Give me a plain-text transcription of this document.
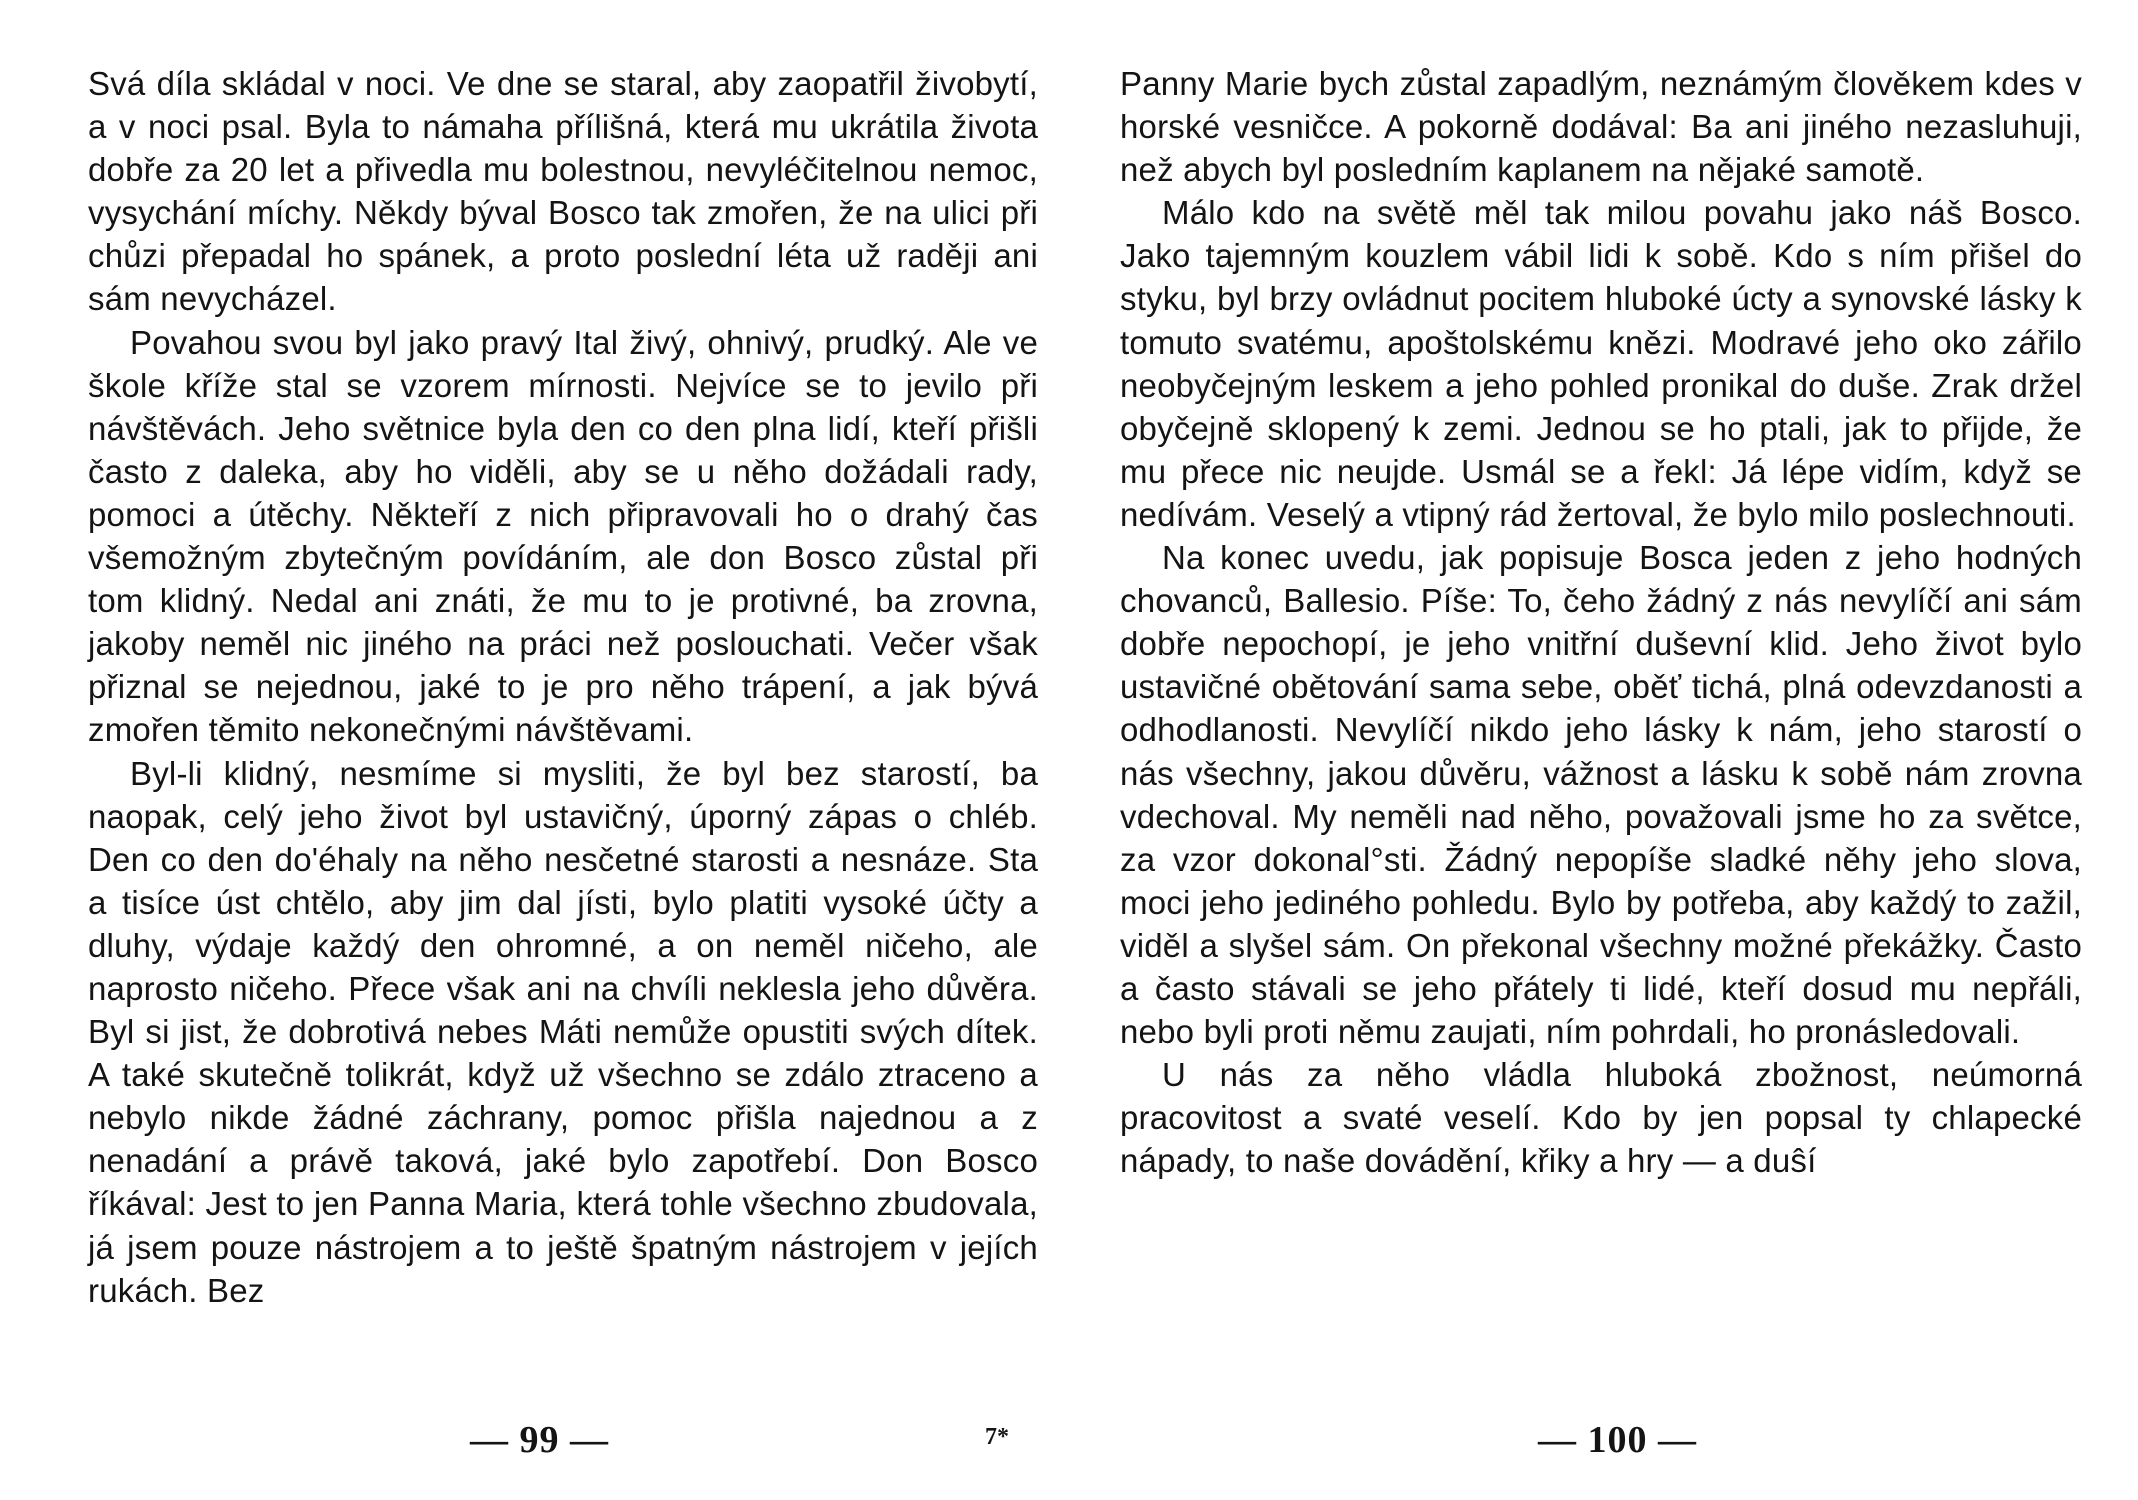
Svá díla skládal v noci. Ve dne se staral, aby zaopatřil živobytí, a v noci psal. Byla to námaha přílišná, která mu ukrátila života dobře za 20 let a přivedla mu bolestnou, nevyléčitelnou nemoc, vysychání míchy. Někdy býval Bosco tak zmořen, že na ulici při chůzi přepadal ho spánek, a proto poslední léta už raději ani sám nevycházel.

Povahou svou byl jako pravý Ital živý, ohnivý, prudký. Ale ve škole kříže stal se vzorem mírnosti. Nejvíce se to jevilo při návštěvách. Jeho světnice byla den co den plna lidí, kteří přišli často z daleka, aby ho viděli, aby se u něho dožádali rady, pomoci a útěchy. Někteří z nich připravovali ho o drahý čas všemožným zbytečným povídáním, ale don Bosco zůstal při tom klidný. Nedal ani znáti, že mu to je protivné, ba zrovna, jakoby neměl nic jiného na práci než poslouchati. Večer však přiznal se nejednou, jaké to je pro něho trápení, a jak bývá zmořen těmito nekonečnými návštěvami.

Byl-li klidný, nesmíme si mysliti, že byl bez starostí, ba naopak, celý jeho život byl ustavičný, úporný zápas o chléb. Den co den do'éhaly na něho nesčetné starosti a nesnáze. Sta a tisíce úst chtělo, aby jim dal jísti, bylo platiti vysoké účty a dluhy, výdaje každý den ohromné, a on neměl ničeho, ale naprosto ničeho. Přece však ani na chvíli neklesla jeho důvěra. Byl si jist, že dobrotivá nebes Máti nemůže opustiti svých dítek. A také skutečně tolikrát, když už všechno se zdálo ztraceno a nebylo nikde žádné záchrany, pomoc přišla najednou a z nenadání a právě taková, jaké bylo zapotřebí. Don Bosco říkával: Jest to jen Panna Maria, která tohle všechno zbudovala, já jsem pouze nástrojem a to ještě špatným nástrojem v jejích rukách. Bez

Panny Marie bych zůstal zapadlým, neznámým člověkem kdes v horské vesničce. A pokorně dodával: Ba ani jiného nezasluhuji, než abych byl posledním kaplanem na nějaké samotě.

Málo kdo na světě měl tak milou povahu jako náš Bosco. Jako tajemným kouzlem vábil lidi k sobě. Kdo s ním přišel do styku, byl brzy ovládnut pocitem hluboké úcty a synovské lásky k tomuto svatému, apoštolskému knězi. Modravé jeho oko zářilo neobyčejným leskem a jeho pohled pronikal do duše. Zrak držel obyčejně sklopený k zemi. Jednou se ho ptali, jak to přijde, že mu přece nic neujde. Usmál se a řekl: Já lépe vidím, když se nedívám. Veselý a vtipný rád žertoval, že bylo milo poslechnouti.

Na konec uvedu, jak popisuje Bosca jeden z jeho hodných chovanců, Ballesio. Píše: To, čeho žádný z nás nevylíčí ani sám dobře nepochopí, je jeho vnitřní duševní klid. Jeho život bylo ustavičné obětování sama sebe, oběť tichá, plná odevzdanosti a odhodlanosti. Nevylíčí nikdo jeho lásky k nám, jeho starostí o nás všechny, jakou důvěru, vážnost a lásku k sobě nám zrovna vdechoval. My neměli nad něho, považovali jsme ho za světce, za vzor dokonal°sti. Žádný nepopíše sladké něhy jeho slova, moci jeho jediného pohledu. Bylo by potřeba, aby každý to zažil, viděl a slyšel sám. On překonal všechny možné překážky. Často a často stávali se jeho přátely ti lidé, kteří dosud mu nepřáli, nebo byli proti němu zaujati, ním pohrdali, ho pronásledovali.

U nás za něho vládla hluboká zbožnost, neúmorná pracovitost a svaté veselí. Kdo by jen popsal ty chlapecké nápady, to naše dovádění, křiky a hry — a duŝí

— 99 —	7*	— 100 —
